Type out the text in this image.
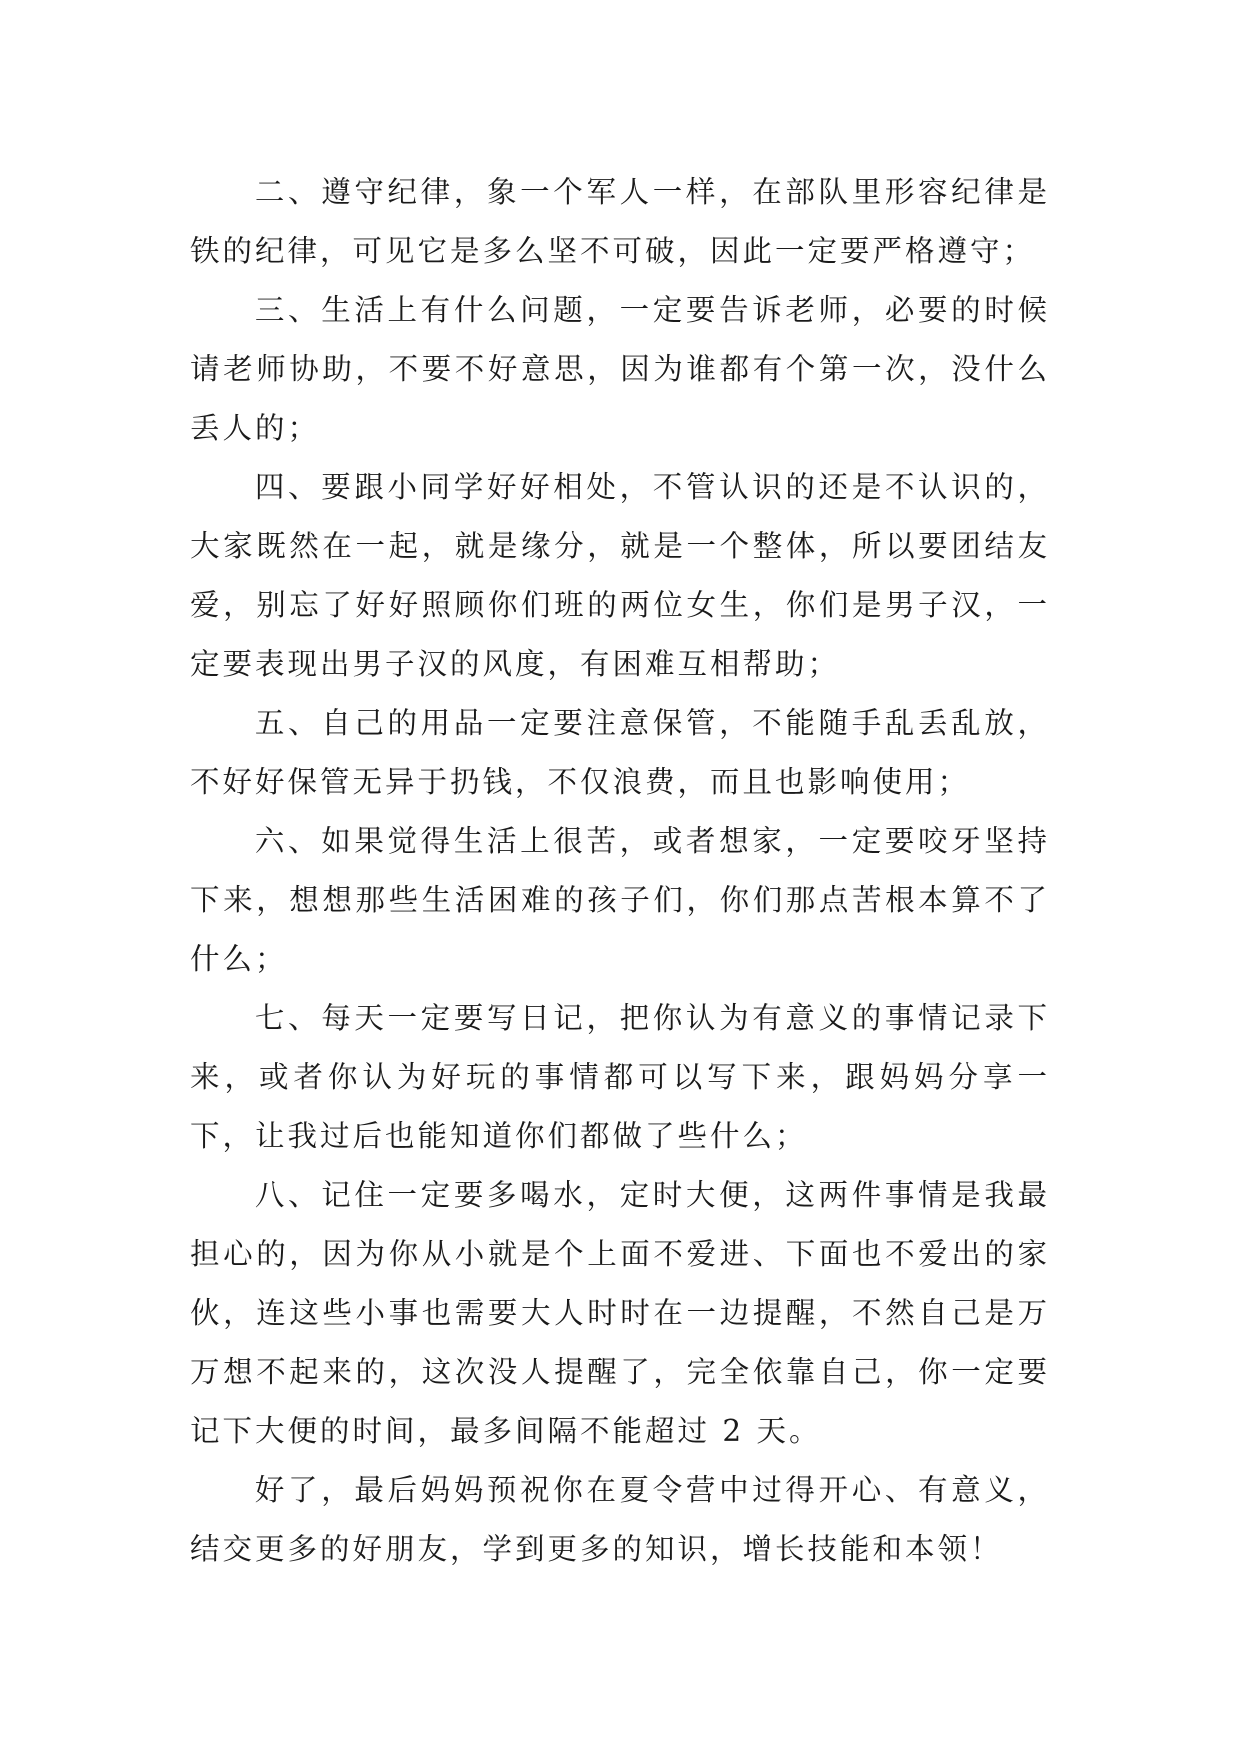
二、遵守纪律，象一个军人一样，在部队里形容纪律是铁的纪律，可见它是多么坚不可破，因此一定要严格遵守；

三、生活上有什么问题，一定要告诉老师，必要的时候请老师协助，不要不好意思，因为谁都有个第一次，没什么丢人的；

四、要跟小同学好好相处，不管认识的还是不认识的，大家既然在一起，就是缘分，就是一个整体，所以要团结友爱，别忘了好好照顾你们班的两位女生，你们是男子汉，一定要表现出男子汉的风度，有困难互相帮助；

五、自己的用品一定要注意保管，不能随手乱丢乱放，不好好保管无异于扔钱，不仅浪费，而且也影响使用；

六、如果觉得生活上很苦，或者想家，一定要咬牙坚持下来，想想那些生活困难的孩子们，你们那点苦根本算不了什么；

七、每天一定要写日记，把你认为有意义的事情记录下来，或者你认为好玩的事情都可以写下来，跟妈妈分享一下，让我过后也能知道你们都做了些什么；

八、记住一定要多喝水，定时大便，这两件事情是我最担心的，因为你从小就是个上面不爱进、下面也不爱出的家伙，连这些小事也需要大人时时在一边提醒，不然自己是万万想不起来的，这次没人提醒了，完全依靠自己，你一定要记下大便的时间，最多间隔不能超过 2 天。

好了，最后妈妈预祝你在夏令营中过得开心、有意义，结交更多的好朋友，学到更多的知识，增长技能和本领！
